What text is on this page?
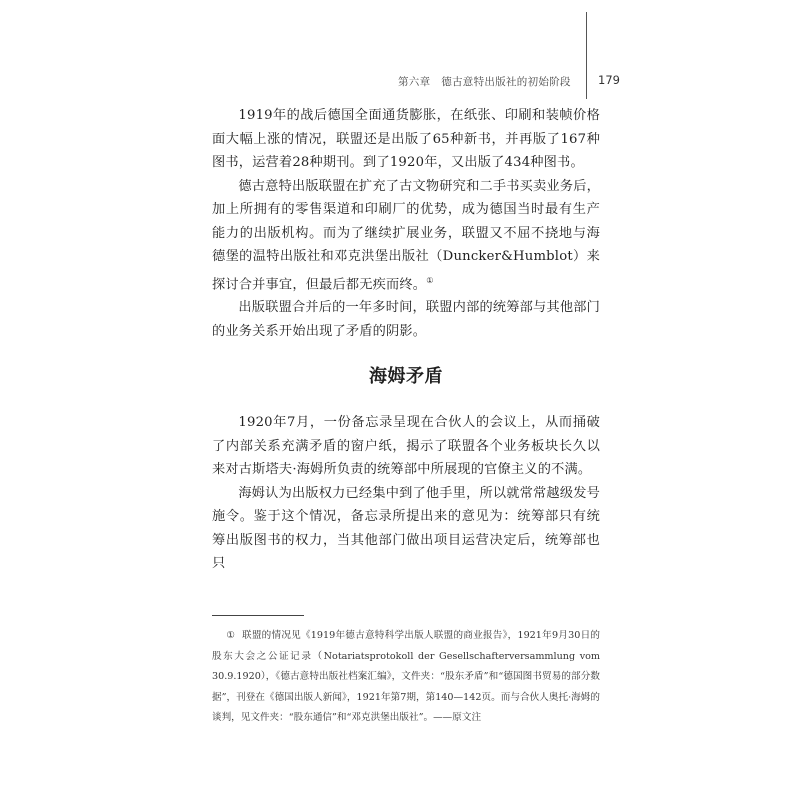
第六章　德古意特出版社的初始阶段	179

1919年的战后德国全面通货膨胀，在纸张、印刷和装帧价格面大幅上涨的情况，联盟还是出版了65种新书，并再版了167种图书，运营着28种期刊。到了1920年，又出版了434种图书。

德古意特出版联盟在扩充了古文物研究和二手书买卖业务后，加上所拥有的零售渠道和印刷厂的优势，成为德国当时最有生产能力的出版机构。而为了继续扩展业务，联盟又不屈不挠地与海德堡的温特出版社和邓克洪堡出版社（Duncker&Humblot）来探讨合并事宜，但最后都无疾而终。①

出版联盟合并后的一年多时间，联盟内部的统筹部与其他部门的业务关系开始出现了矛盾的阴影。

海姆矛盾

1920年7月，一份备忘录呈现在合伙人的会议上，从而捅破了内部关系充满矛盾的窗户纸，揭示了联盟各个业务板块长久以来对古斯塔夫·海姆所负责的统筹部中所展现的官僚主义的不满。

海姆认为出版权力已经集中到了他手里，所以就常常越级发号施令。鉴于这个情况，备忘录所提出来的意见为：统筹部只有统筹出版图书的权力，当其他部门做出项目运营决定后，统筹部也只

① 联盟的情况见《1919年德古意特科学出版人联盟的商业报告》，1921年9月30日的股东大会之公证记录（Notariatsprotokoll der Gesellschafterversammlung vom 30.9.1920），《德古意特出版社档案汇编》，文件夹：“股东矛盾”和“德国图书贸易的部分数据”，刊登在《德国出版人新闻》，1921年第7期，第140—142页。而与合伙人奥托·海姆的谈判，见文件夹：“股东通信”和“邓克洪堡出版社”。——原文注
